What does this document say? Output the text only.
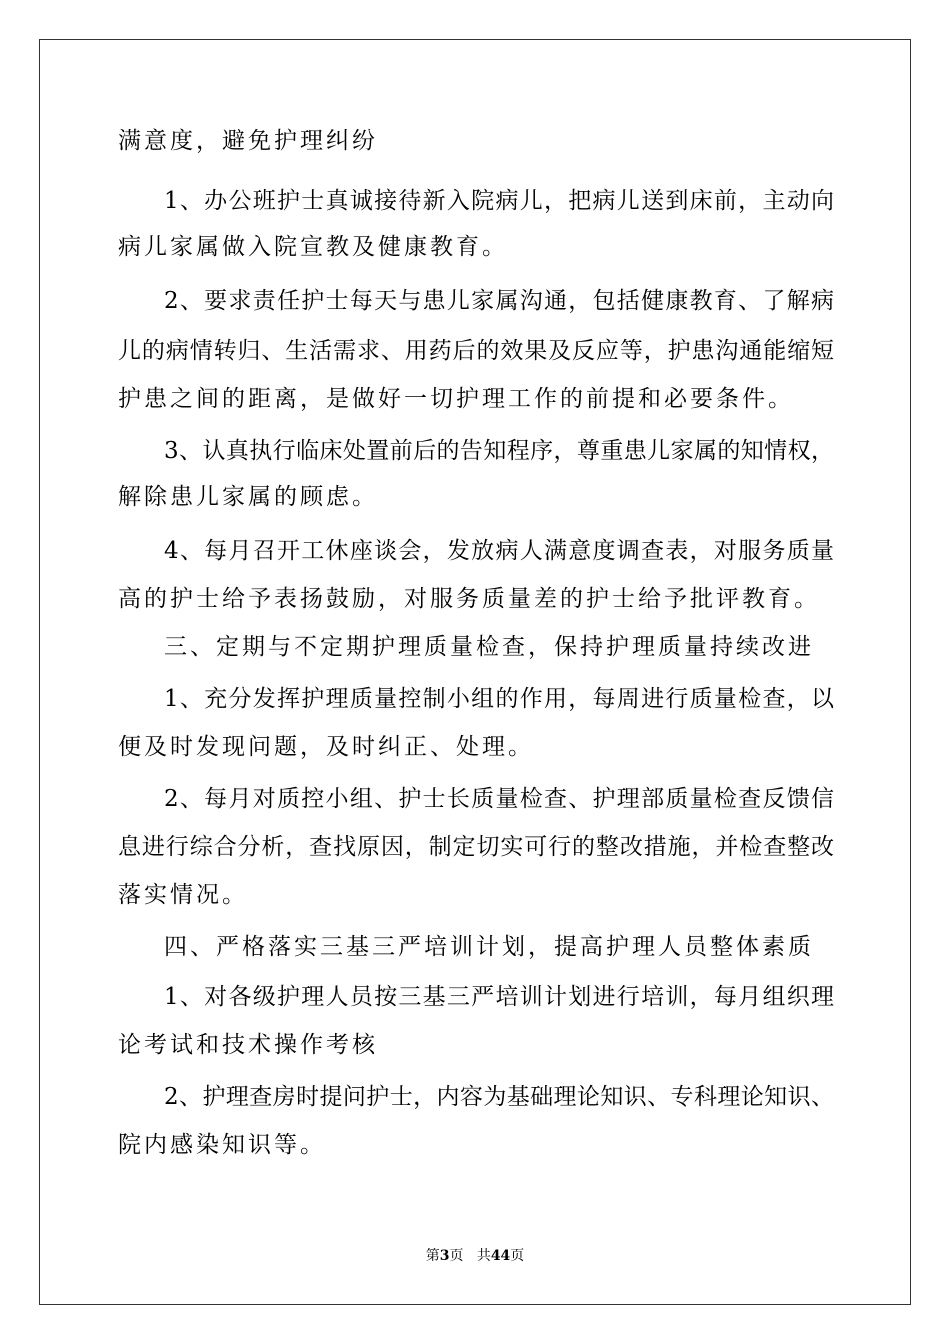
满意度，避免护理纠纷
1、办公班护士真诚接待新入院病儿，把病儿送到床前，主动向
病儿家属做入院宣教及健康教育。
2、要求责任护士每天与患儿家属沟通，包括健康教育、了解病
儿的病情转归、生活需求、用药后的效果及反应等，护患沟通能缩短
护患之间的距离，是做好一切护理工作的前提和必要条件。
3、认真执行临床处置前后的告知程序，尊重患儿家属的知情权，
解除患儿家属的顾虑。
4、每月召开工休座谈会，发放病人满意度调查表，对服务质量
高的护士给予表扬鼓励，对服务质量差的护士给予批评教育。
三、定期与不定期护理质量检查，保持护理质量持续改进
1、充分发挥护理质量控制小组的作用，每周进行质量检查，以
便及时发现问题，及时纠正、处理。
2、每月对质控小组、护士长质量检查、护理部质量检查反馈信
息进行综合分析，查找原因，制定切实可行的整改措施，并检查整改
落实情况。
四、严格落实三基三严培训计划，提高护理人员整体素质
1、对各级护理人员按三基三严培训计划进行培训，每月组织理
论考试和技术操作考核
2、护理查房时提问护士，内容为基础理论知识、专科理论知识、
院内感染知识等。
第3页 共44页
